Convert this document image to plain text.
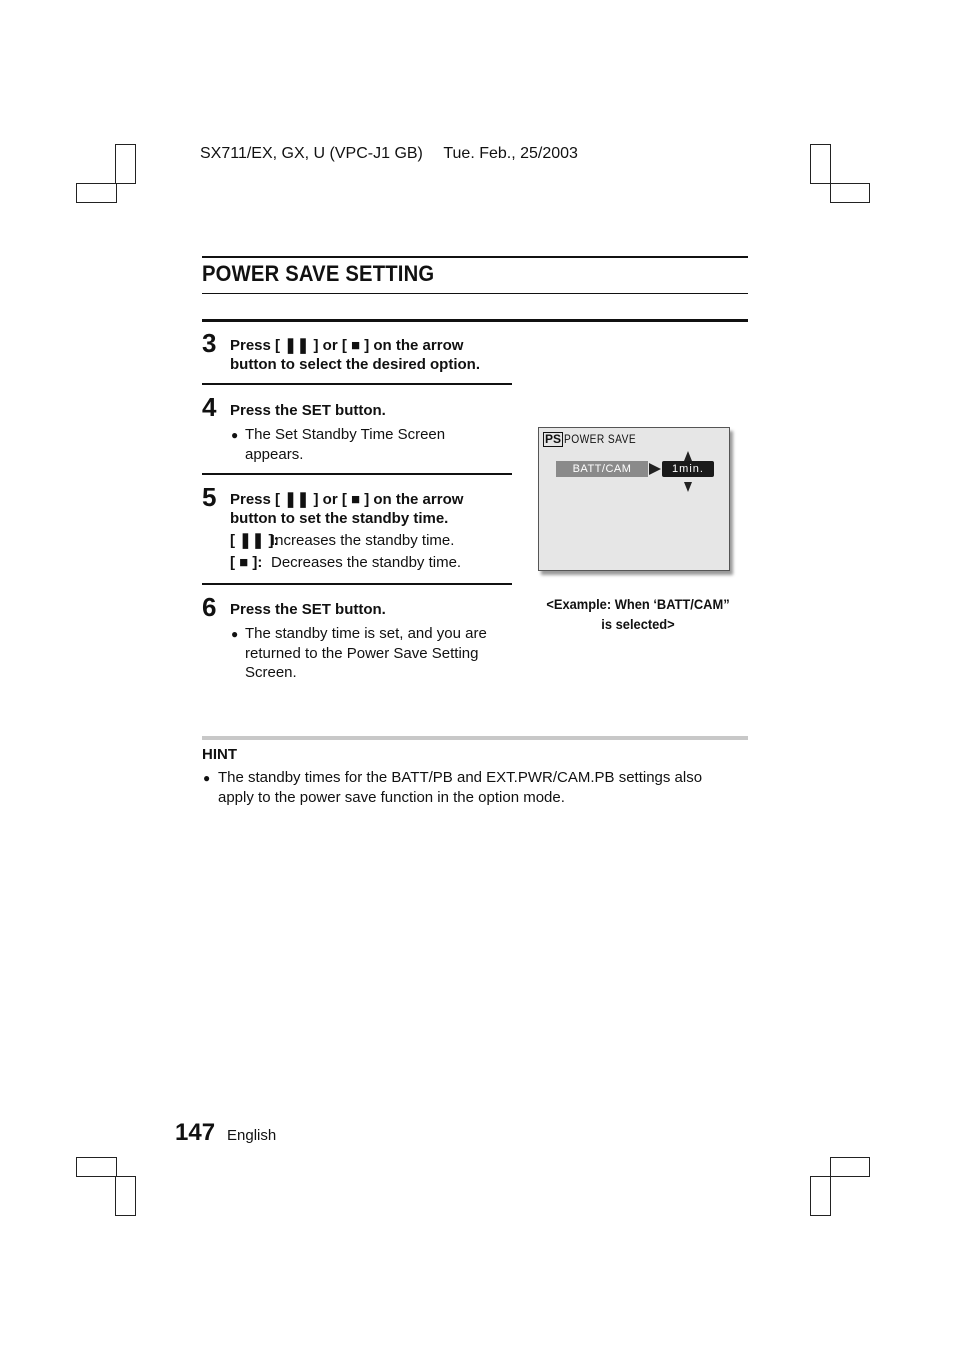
SX711/EX, GX, U (VPC-J1 GB) Tue. Feb., 25/2003
POWER SAVE SETTING
3 Press [ ❚❚ ] or [ ■ ] on the arrow
button to select the desired option.
4 Press the SET button.
● The Set Standby Time Screen
appears.
5 Press [ ❚❚ ] or [ ■ ] on the arrow
button to set the standby time.
[ ❚❚ ]:
Increases the standby time.
[ ■ ]: Decreases the standby time.
6 Press the SET button.
● The standby time is set, and you are
returned to the Power Save Setting
Screen.
PS POWER SAVE
BATT/CAM	1min.
<Example: When ‘BATT/CAM”
is selected>
HINT
● The standby times for the BATT/PB and EXT.PWR/CAM.PB settings also
apply to the power save function in the option mode.
147 English
